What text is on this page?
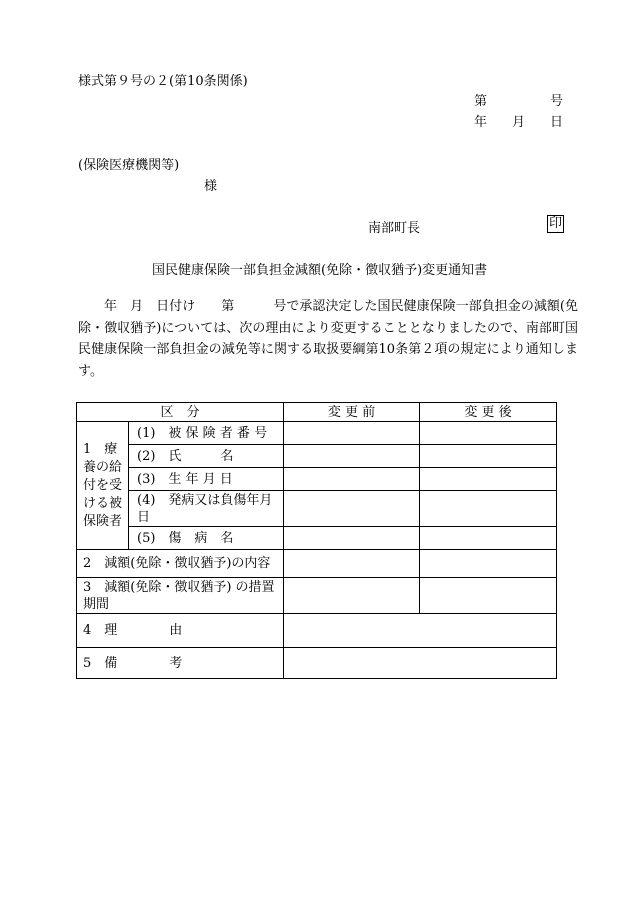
様式第９号の２(第10条関係)
第	号
年 月 日
(保険医療機関等)
様
南部町長	印
国民健康保険一部負担金減額(免除・徴収猶予)変更通知書

　　年　月　日付け　　第　　　号で承認決定した国民健康保険一部負担金の減額(免除・徴収猶予)については、次の理由により変更することとなりましたので、南部町国民健康保険一部負担金の減免等に関する取扱要綱第10条第２項の規定により通知します。

区　分		変 更 前	変 更 後
1　療養の給付を受ける被保険者	(1)　被 保 険 者 番 号		
	(2)　氏　　　名		
	(3)　生 年 月 日		
	(4)　発病又は負傷年月日		
	(5)　傷　病　名		
2　減額(免除・徴収猶予)の内容			
3　減額(免除・徴収猶予) の措置期間			
4　理　　　　由			
5　備　　　　考			
